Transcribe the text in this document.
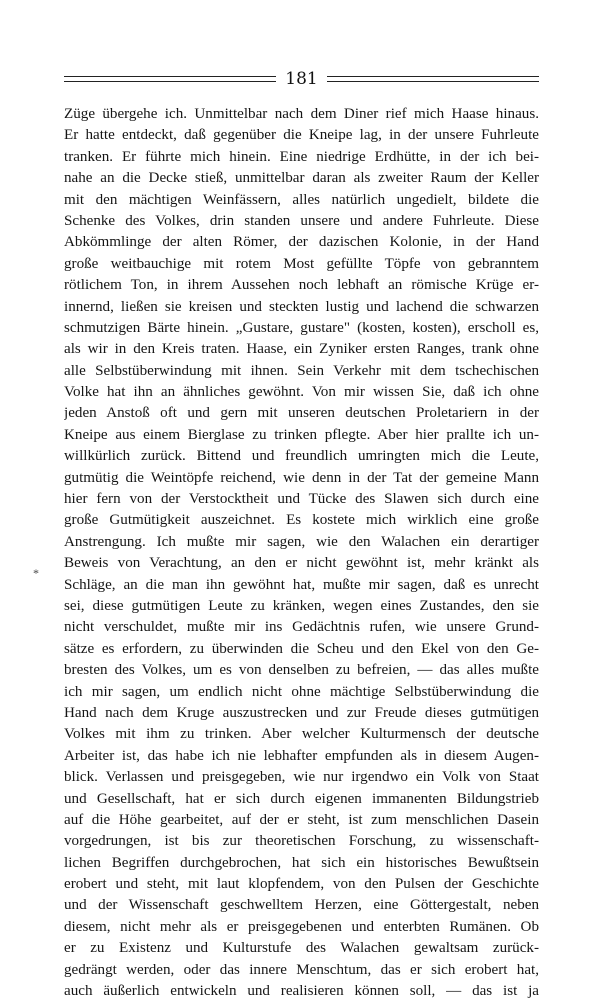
181
*
Züge übergehe ich. Unmittelbar nach dem Diner rief mich Haase hinaus.
Er hatte entdeckt, daß gegenüber die Kneipe lag, in der unsere Fuhrleute
tranken. Er führte mich hinein. Eine niedrige Erdhütte, in der ich bei-
nahe an die Decke stieß, unmittelbar daran als zweiter Raum der Keller
mit den mächtigen Weinfässern, alles natürlich ungedielt, bildete die
Schenke des Volkes, drin standen unsere und andere Fuhrleute. Diese
Abkömmlinge der alten Römer, der dazischen Kolonie, in der Hand
große weitbauchige mit rotem Most gefüllte Töpfe von gebranntem
rötlichem Ton, in ihrem Aussehen noch lebhaft an römische Krüge er-
innernd, ließen sie kreisen und steckten lustig und lachend die schwarzen
schmutzigen Bärte hinein. „Gustare, gustare" (kosten, kosten), erscholl es,
als wir in den Kreis traten. Haase, ein Zyniker ersten Ranges, trank ohne
alle Selbstüberwindung mit ihnen. Sein Verkehr mit dem tschechischen
Volke hat ihn an ähnliches gewöhnt. Von mir wissen Sie, daß ich ohne
jeden Anstoß oft und gern mit unseren deutschen Proletariern in der
Kneipe aus einem Bierglase zu trinken pflegte. Aber hier prallte ich un-
willkürlich zurück. Bittend und freundlich umringten mich die Leute,
gutmütig die Weintöpfe reichend, wie denn in der Tat der gemeine Mann
hier fern von der Verstocktheit und Tücke des Slawen sich durch eine
große Gutmütigkeit auszeichnet. Es kostete mich wirklich eine große
Anstrengung. Ich mußte mir sagen, wie den Walachen ein derartiger
Beweis von Verachtung, an den er nicht gewöhnt ist, mehr kränkt als
Schläge, an die man ihn gewöhnt hat, mußte mir sagen, daß es unrecht
sei, diese gutmütigen Leute zu kränken, wegen eines Zustandes, den sie
nicht verschuldet, mußte mir ins Gedächtnis rufen, wie unsere Grund-
sätze es erfordern, zu überwinden die Scheu und den Ekel von den Ge-
bresten des Volkes, um es von denselben zu befreien, — das alles mußte
ich mir sagen, um endlich nicht ohne mächtige Selbstüberwindung die
Hand nach dem Kruge auszustrecken und zur Freude dieses gutmütigen
Volkes mit ihm zu trinken. Aber welcher Kulturmensch der deutsche
Arbeiter ist, das habe ich nie lebhafter empfunden als in diesem Augen-
blick. Verlassen und preisgegeben, wie nur irgendwo ein Volk von Staat
und Gesellschaft, hat er sich durch eigenen immanenten Bildungstrieb
auf die Höhe gearbeitet, auf der er steht, ist zum menschlichen Dasein
vorgedrungen, ist bis zur theoretischen Forschung, zu wissenschaft-
lichen Begriffen durchgebrochen, hat sich ein historisches Bewußtsein
erobert und steht, mit laut klopfendem, von den Pulsen der Geschichte
und der Wissenschaft geschwelltem Herzen, eine Göttergestalt, neben
diesem, nicht mehr als er preisgegebenen und enterbten Rumänen. Ob
er zu Existenz und Kulturstufe des Walachen gewaltsam zurück-
gedrängt werden, oder das innere Menschtum, das er sich erobert hat,
auch äußerlich entwickeln und realisieren können soll, — das ist ja
